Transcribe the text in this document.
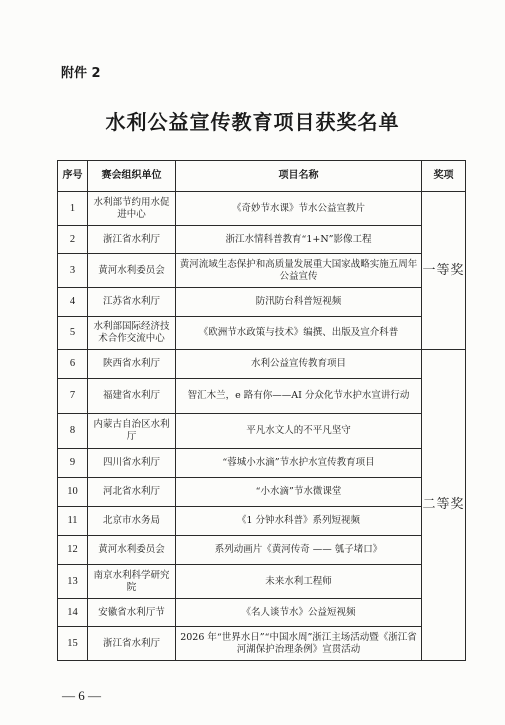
附件 2
水利公益宣传教育项目获奖名单
序号	赛会组织单位	项目名称	奖项
1	水利部节约用水促进中心	《奇妙节水课》节水公益宣教片	一等奖
2	浙江省水利厅	浙江水情科普教育“1+N”影像工程	
3	黄河水利委员会	黄河流域生态保护和高质量发展重大国家战略实施五周年公益宣传	
4	江苏省水利厅	防汛防台科普短视频	
5	水利部国际经济技术合作交流中心	《欧洲节水政策与技术》编撰、出版及宣介科普	
6	陕西省水利厅	水利公益宣传教育项目	二等奖
7	福建省水利厅	智汇木兰，e 路有你——AI 分众化节水护水宣讲行动	
8	内蒙古自治区水利厅	平凡水文人的不平凡坚守	
9	四川省水利厅	“蓉城小水滴”节水护水宣传教育项目	
10	河北省水利厅	“小水滴”节水微课堂	
11	北京市水务局	《1 分钟水科普》系列短视频	
12	黄河水利委员会	系列动画片《黄河传奇 —— 瓠子堵口》	
13	南京水利科学研究院	未来水利工程师	
14	安徽省水利厅节	《名人谈节水》公益短视频	
15	浙江省水利厅	2026 年“世界水日”“中国水周”浙江主场活动暨《浙江省河湖保护治理条例》宣贯活动	
— 6 —
